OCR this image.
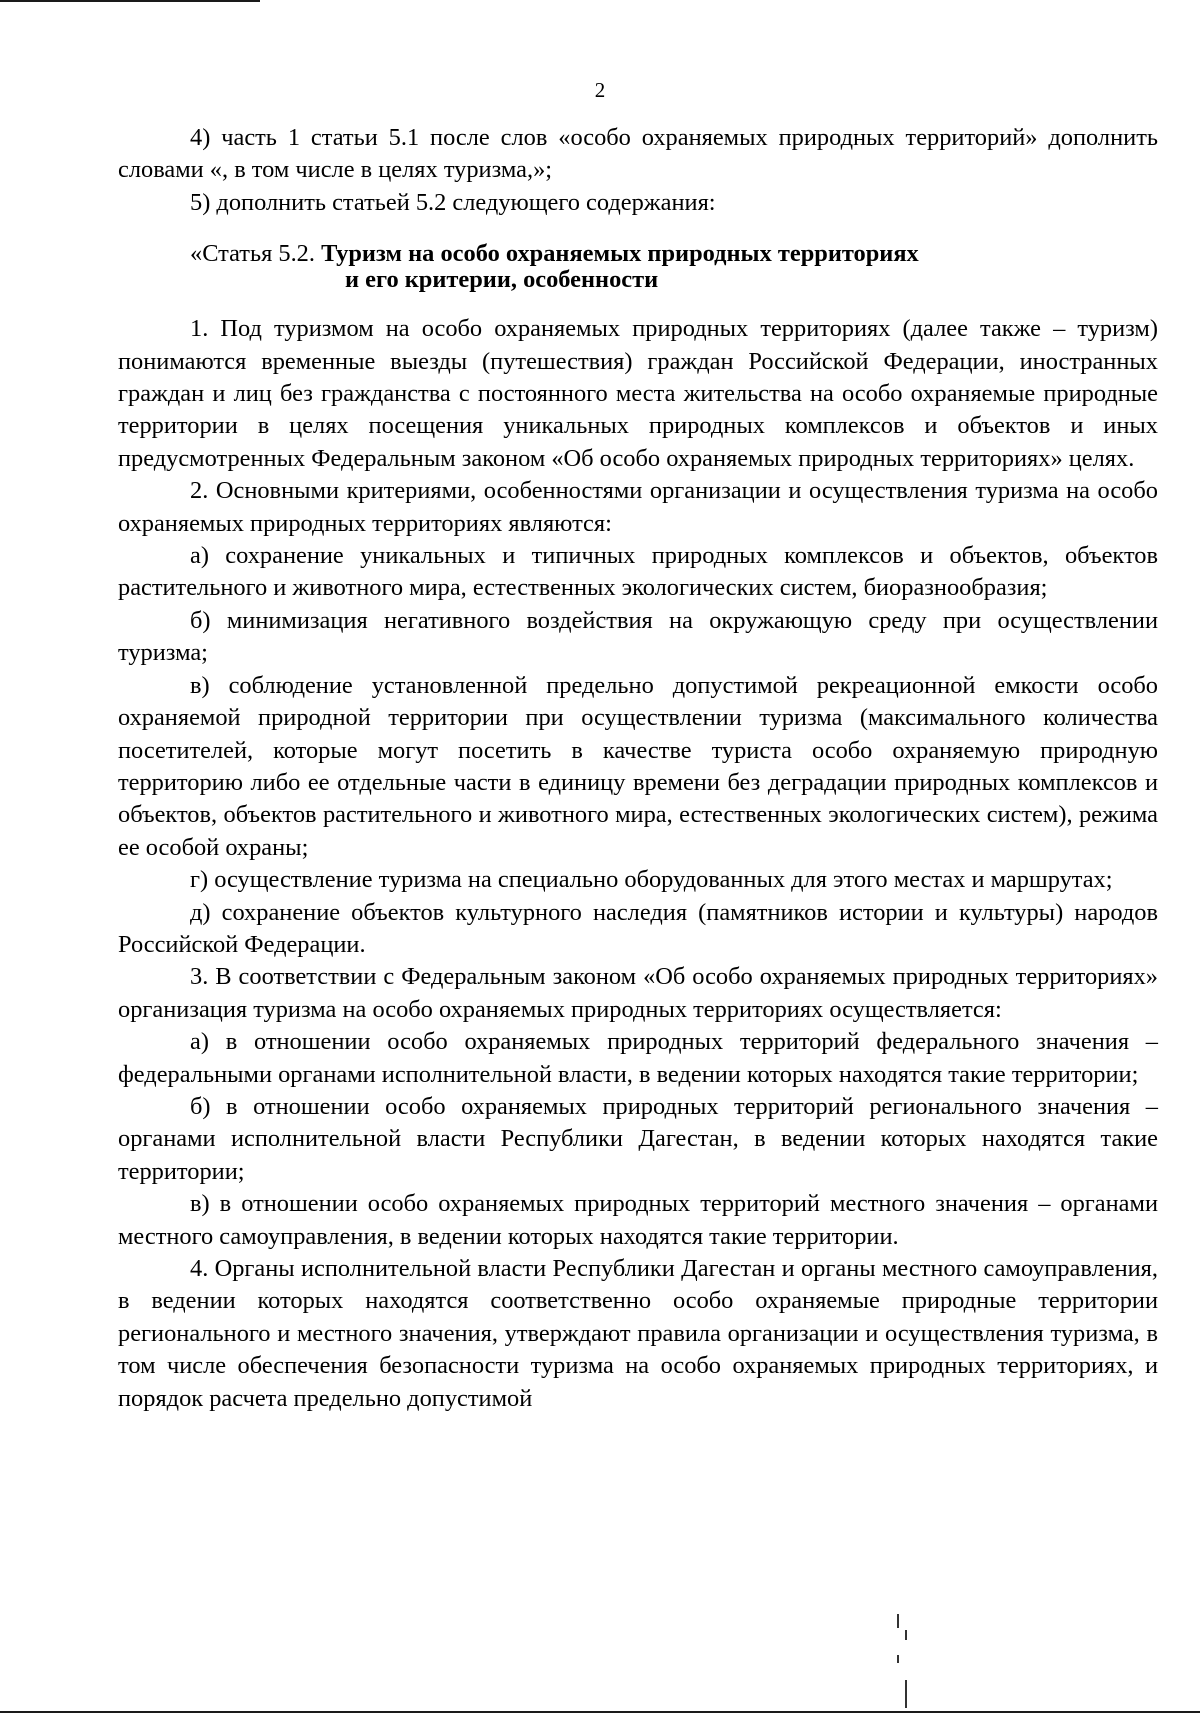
2

4) часть 1 статьи 5.1 после слов «особо охраняемых природных территорий» дополнить словами «, в том числе в целях туризма,»;

5) дополнить статьей 5.2 следующего содержания:

«Статья 5.2. Туризм на особо охраняемых природных территориях
и его критерии, особенности

1. Под туризмом на особо охраняемых природных территориях (далее также – туризм) понимаются временные выезды (путешествия) граждан Российской Федерации, иностранных граждан и лиц без гражданства с постоянного места жительства на особо охраняемые природные территории в целях посещения уникальных природных комплексов и объектов и иных предусмотренных Федеральным законом «Об особо охраняемых природных территориях» целях.

2. Основными критериями, особенностями организации и осуществления туризма на особо охраняемых природных территориях являются:

а) сохранение уникальных и типичных природных комплексов и объектов, объектов растительного и животного мира, естественных экологических систем, биоразнообразия;

б) минимизация негативного воздействия на окружающую среду при осуществлении туризма;

в) соблюдение установленной предельно допустимой рекреационной емкости особо охраняемой природной территории при осуществлении туризма (максимального количества посетителей, которые могут посетить в качестве туриста особо охраняемую природную территорию либо ее отдельные части в единицу времени без деградации природных комплексов и объектов, объектов растительного и животного мира, естественных экологических систем), режима ее особой охраны;

г) осуществление туризма на специально оборудованных для этого местах и маршрутах;

д) сохранение объектов культурного наследия (памятников истории и культуры) народов Российской Федерации.

3. В соответствии с Федеральным законом «Об особо охраняемых природных территориях» организация туризма на особо охраняемых природных территориях осуществляется:

а) в отношении особо охраняемых природных территорий федерального значения – федеральными органами исполнительной власти, в ведении которых находятся такие территории;

б) в отношении особо охраняемых природных территорий регионального значения – органами исполнительной власти Республики Дагестан, в ведении которых находятся такие территории;

в) в отношении особо охраняемых природных территорий местного значения – органами местного самоуправления, в ведении которых находятся такие территории.

4. Органы исполнительной власти Республики Дагестан и органы местного самоуправления, в ведении которых находятся соответственно особо охраняемые природные территории регионального и местного значения, утверждают правила организации и осуществления туризма, в том числе обеспечения безопасности туризма на особо охраняемых природных территориях, и порядок расчета предельно допустимой
